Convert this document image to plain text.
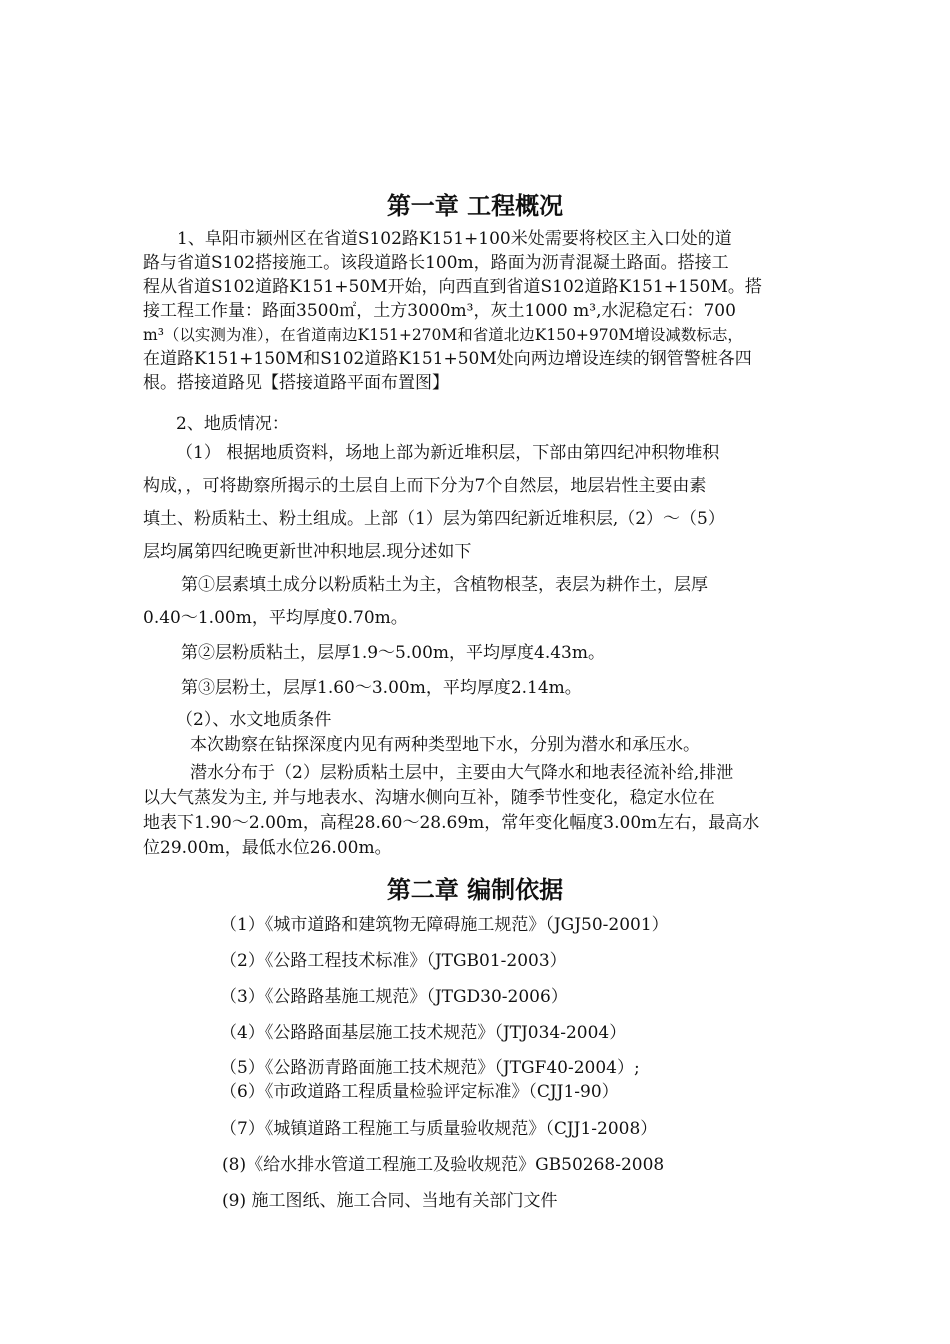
第一章 工程概况
　　1、阜阳市颍州区在省道S102路K151+100米处需要将校区主入口处的道
路与省道S102搭接施工。该段道路长100m，路面为沥青混凝土路面。搭接工
程从省道S102道路K151+50M开始，向西直到省道S102道路K151+150M。搭
接工程工作量：路面3500㎡，土方3000m³，灰土1000 m³,水泥稳定石：700
m³（以实测为准），在省道南边K151+270M和省道北边K150+970M增设减数标志，
在道路K151+150M和S102道路K151+50M处向两边增设连续的钢管警桩各四
根。搭接道路见【搭接道路平面布置图】
2、地质情况：
（1） 根据地质资料，场地上部为新近堆积层，下部由第四纪冲积物堆积
构成，，可将勘察所揭示的土层自上而下分为7个自然层，地层岩性主要由素
填土、粉质粘土、粉土组成。上部（1）层为第四纪新近堆积层,（2）～（5）
层均属第四纪晚更新世冲积地层.现分述如下
第①层素填土成分以粉质粘土为主，含植物根茎，表层为耕作土，层厚
0.40～1.00m，平均厚度0.70m。
第②层粉质粘土，层厚1.9～5.00m，平均厚度4.43m。
第③层粉土，层厚1.60～3.00m，平均厚度2.14m。
（2）、水文地质条件
本次勘察在钻探深度内见有两种类型地下水，分别为潜水和承压水。
潜水分布于（2）层粉质粘土层中，主要由大气降水和地表径流补给,排泄
以大气蒸发为主, 并与地表水、沟塘水侧向互补，随季节性变化，稳定水位在
地表下1.90～2.00m，高程28.60～28.69m，常年变化幅度3.00m左右，最高水
位29.00m，最低水位26.00m。
第二章 编制依据
（1）《城市道路和建筑物无障碍施工规范》（JGJ50-2001）
（2）《公路工程技术标准》（JTGB01-2003）
（3）《公路路基施工规范》（JTGD30-2006）
（4）《公路路面基层施工技术规范》（JTJ034-2004）
（5）《公路沥青路面施工技术规范》（JTGF40-2004）;
（6）《市政道路工程质量检验评定标准》（CJJ1-90）
（7）《城镇道路工程施工与质量验收规范》（CJJ1-2008）
(8)《给水排水管道工程施工及验收规范》GB50268-2008
(9) 施工图纸、施工合同、当地有关部门文件
